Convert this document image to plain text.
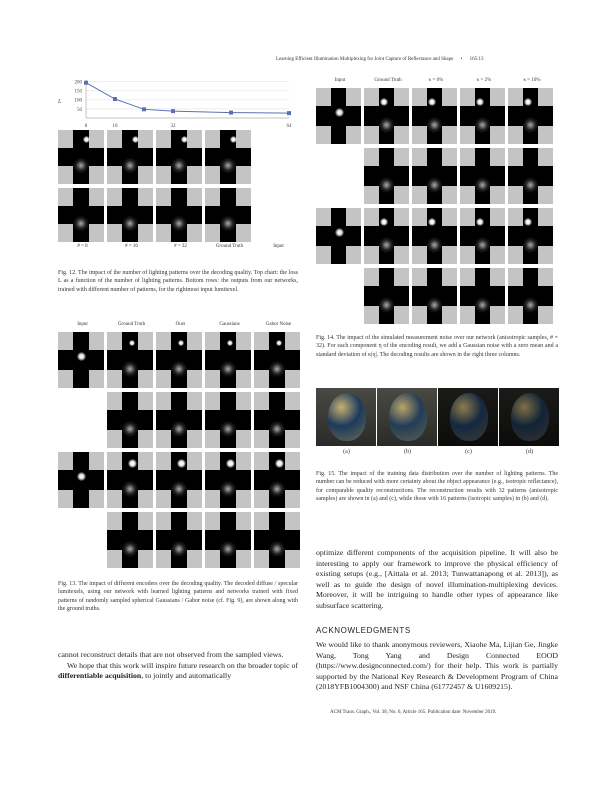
Learning Efficient Illumination Multiplexing for Joint Capture of Reflectance and Shape • 165:13
200
150
100
50
8	16	32	64
L
# = 8	# = 16	# = 32	Ground Truth	Input
Fig. 12. The impact of the number of lighting patterns over the decoding quality. Top chart: the loss L as a function of the number of lighting patterns. Bottom rows: the outputs from our networks, trained with different number of patterns, for the rightmost input lumitexel.
Input	Ground Truth	Ours	Gaussians	Gabor Noise
Fig. 13. The impact of different encoders over the decoding quality. The decoded diffuse / specular lumitexels, using our network with learned lighting patterns and networks trained with fixed patterns of randomly sampled spherical Gaussians / Gabor noise (cf. Fig. 9), are shown along with the ground truths.
cannot reconstruct details that are not observed from the sampled views.
We hope that this work will inspire future research on the broader topic of differentiable acquisition, to jointly and automatically
Input	Ground Truth	κ = 0%	κ = 2%	κ = 10%
Fig. 14. The impact of the simulated measurement noise over our network (anisotropic samples, # = 32). For each component η of the encoding result, we add a Gaussian noise with a zero mean and a standard deviation of κ|η|. The decoding results are shown in the right three columns.
(a)	(b)	(c)	(d)
Fig. 15. The impact of the training data distribution over the number of lighting patterns. The number can be reduced with more certainty about the object appearance (e.g., isotropic reflectance), for comparable quality reconstructions. The reconstruction results with 32 patterns (anisotropic samples) are shown in (a) and (c), while those with 16 patterns (isotropic samples) in (b) and (d).
optimize different components of the acquisition pipeline. It will also be interesting to apply our framework to improve the physical efficiency of existing setups (e.g., [Aittala et al. 2013; Tunwattanapong et al. 2013]), as well as to guide the design of novel illumination-multiplexing devices. Moreover, it will be intriguing to handle other types of appearance like subsurface scattering.
ACKNOWLEDGMENTS
We would like to thank anonymous reviewers, Xiaohe Ma, Lijian Ge, Jingke Wang, Tong Yang and Design Connected EOOD (https://www.designconnected.com/) for their help. This work is partially supported by the National Key Research & Development Program of China (2018YFB1004300) and NSF China (61772457 & U1609215).
ACM Trans. Graph., Vol. 38, No. 6, Article 165. Publication date: November 2019.
